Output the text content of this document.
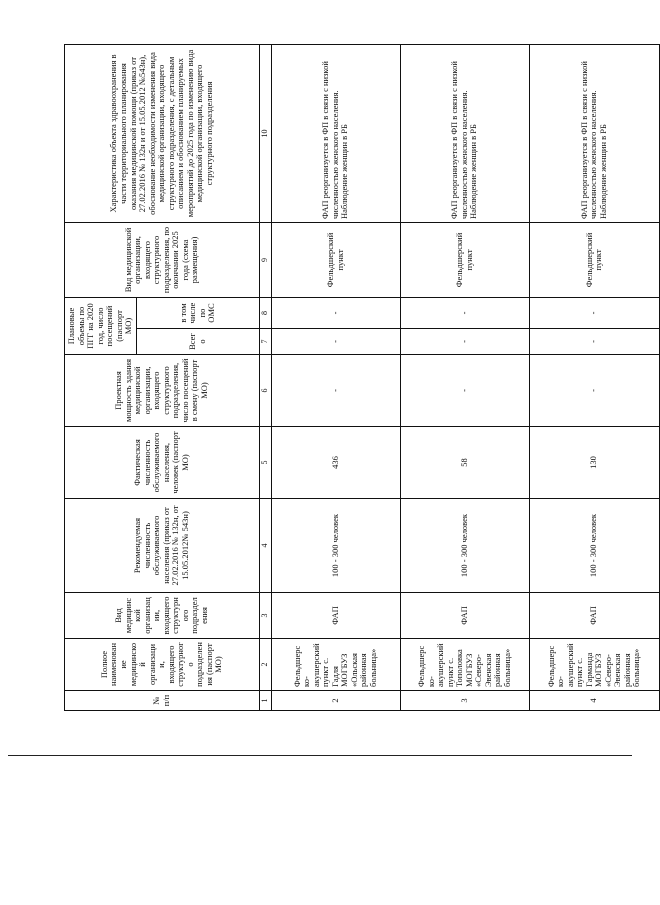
№ п/п	Полное наименование медицинской организации, входящего структурного подразделения (паспорт МО)	Вид медицинской организации, входящего структурного подразделения	Рекомендуемая численность обслуживаемого населения (приказ от 27.02.2016 № 132н, от 15.05.2012№ 543н)	Фактическая численность обслуживаемого населения, человек (паспорт МО)	Проектная мощность здания медицинской организации, входящего структурного подразделения, число посещений в смену (паспорт МО)	Плановые объемы по ПГГ на 2020 год, число посещений (паспорт МО)		Вид медицинской организации, входящего структурного подразделения, по окончании 2025 года (схема размещения)	Характеристика объекта здравоохранения в части территориального планирования оказания медицинской помощи (приказ от 27.02.2016 № 132н и от 15.05.2012 №543н), обоснование необходимости изменения вида медицинской организации, входящего структурного подразделения, с детальным описанием и обоснованием планируемых мероприятий до 2025 года по изменению вида медицинской организации, входящего структурного подразделения
						Всего	в том числе по ОМС		
1	2	3	4	5	6	7	8	9	10
2	Фельдшерско-акушерский пункт с. Гадля МОГБУЗ «Ольская районная больница»	ФАП	100 - 300 человек	436	-	-	-	Фельдшерский пункт	ФАП реорганизуется в ФП в связи с низкой численностью женского населения. Наблюдение женщин в РБ
3	Фельдшерско-акушерский пункт с. Тополовка МОГБУЗ «Северо-Эвенская районная больница»	ФАП	100 - 300 человек	58	-	-	-	Фельдшерский пункт	ФАП реорганизуется в ФП в связи с низкой численностью женского населения. Наблюдение женщин в РБ
4	Фельдшерско-акушерский пункт с. Гарманда МОГБУЗ «Северо-Эвенская районная больница»	ФАП	100 - 300 человек	130	-	-	-	Фельдшерский пункт	ФАП реорганизуется в ФП в связи с низкой численностью женского населения. Наблюдение женщин в РБ
